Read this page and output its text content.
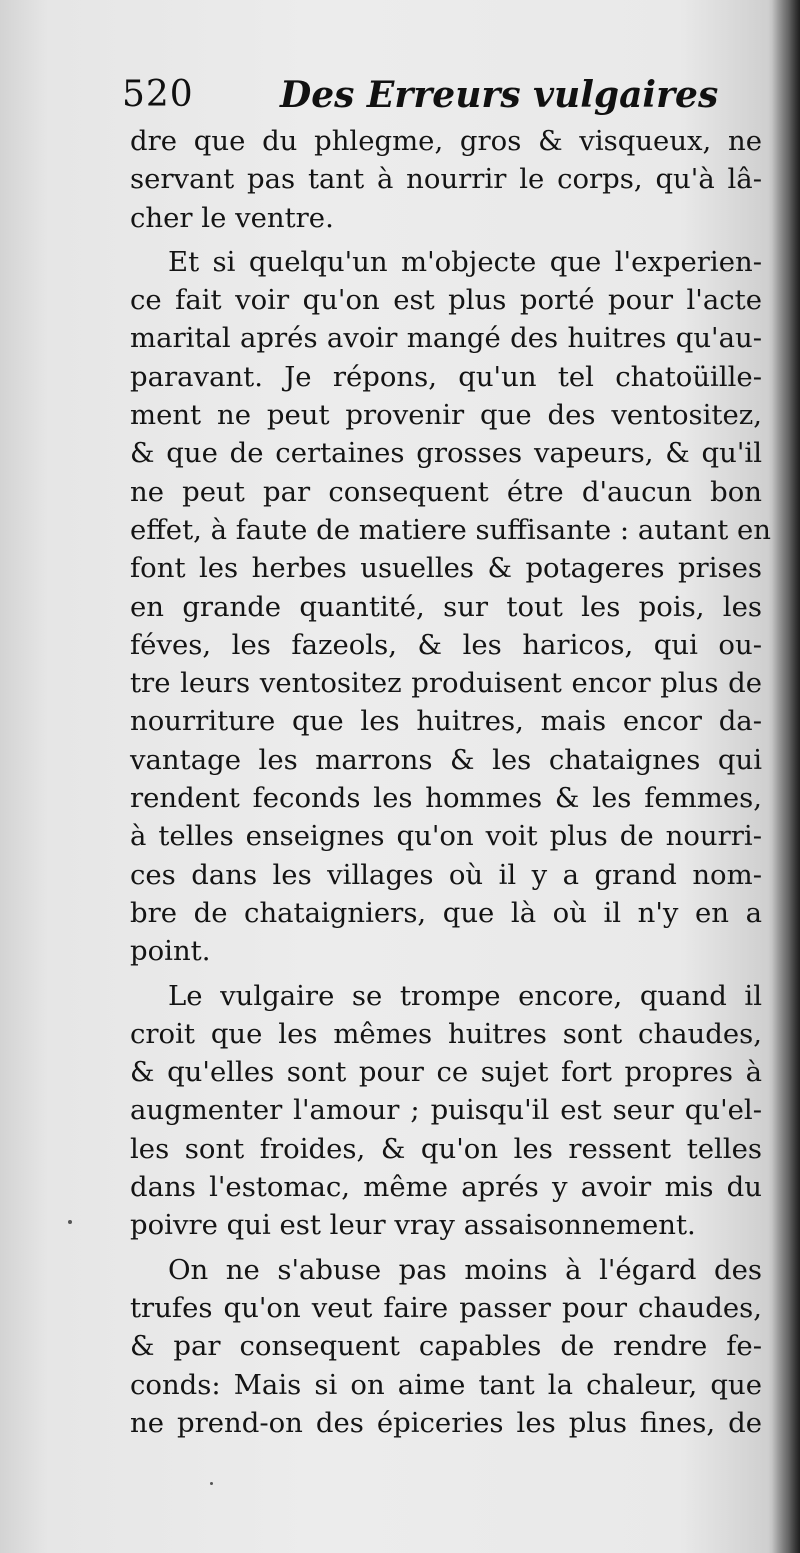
520 Des Erreurs vulgaires
dre que du phlegme, gros & visqueux, ne
servant pas tant à nourrir le corps, qu'à lâ-
cher le ventre.
Et si quelqu'un m'objecte que l'experien-
ce fait voir qu'on est plus porté pour l'acte
marital aprés avoir mangé des huitres qu'au-
paravant. Je répons, qu'un tel chatoüille-
ment ne peut provenir que des ventositez,
& que de certaines grosses vapeurs, & qu'il
ne peut par consequent étre d'aucun bon
effet, à faute de matiere suffisante : autant en
font les herbes usuelles & potageres prises
en grande quantité, sur tout les pois, les
féves, les fazeols, & les haricos, qui ou-
tre leurs ventositez produisent encor plus de
nourriture que les huitres, mais encor da-
vantage les marrons & les chataignes qui
rendent feconds les hommes & les femmes,
à telles enseignes qu'on voit plus de nourri-
ces dans les villages où il y a grand nom-
bre de chataigniers, que là où il n'y en a
point.
Le vulgaire se trompe encore, quand il
croit que les mêmes huitres sont chaudes,
& qu'elles sont pour ce sujet fort propres à
augmenter l'amour ; puisqu'il est seur qu'el-
les sont froides, & qu'on les ressent telles
dans l'estomac, même aprés y avoir mis du
poivre qui est leur vray assaisonnement.
On ne s'abuse pas moins à l'égard des
trufes qu'on veut faire passer pour chaudes,
& par consequent capables de rendre fe-
conds: Mais si on aime tant la chaleur, que
ne prend-on des épiceries les plus fines, de
